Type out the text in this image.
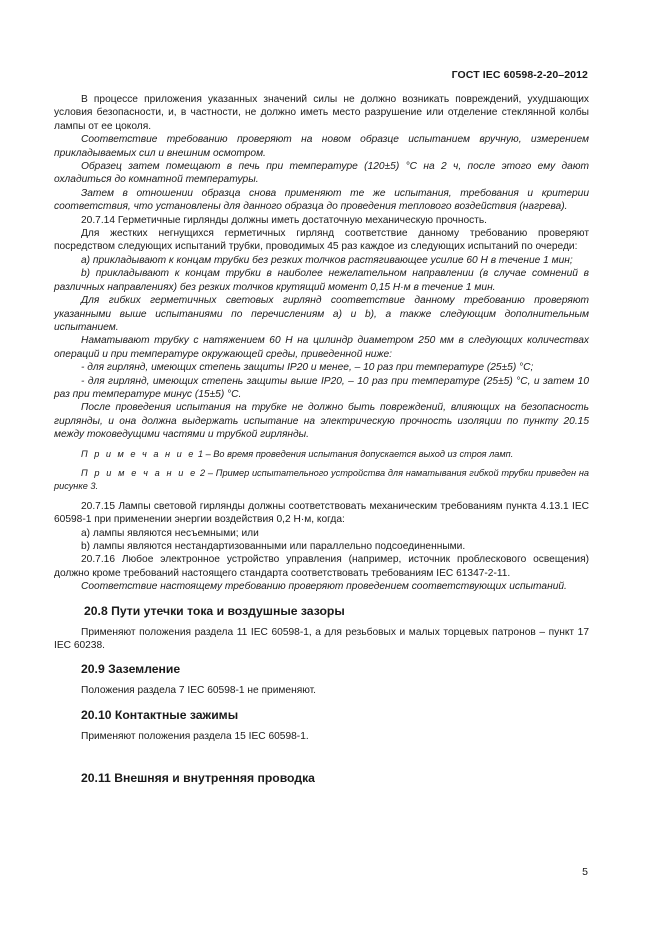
ГОСТ IEC 60598-2-20–2012

В процессе приложения указанных значений силы не должно возникать повреждений, ухудшающих условия безопасности, и, в частности, не должно иметь место разрушение или отделение стеклянной колбы лампы от ее цоколя.

Соответствие требованию проверяют на новом образце испытанием вручную, измерением прикладываемых сил и внешним осмотром.

Образец затем помещают в печь при температуре (120±5) °С на 2 ч, после этого ему дают охладиться до комнатной температуры.

Затем в отношении образца снова применяют те же испытания, требования и критерии соответствия, что установлены для данного образца до проведения теплового воздействия (нагрева).

20.7.14 Герметичные гирлянды должны иметь достаточную механическую прочность.

Для жестких негнущихся герметичных гирлянд соответствие данному требованию проверяют посредством следующих испытаний трубки, проводимых 45 раз каждое из следующих испытаний по очереди:

а) прикладывают к концам трубки без резких толчков растягивающее усилие 60 Н в течение 1 мин;

b) прикладывают к концам трубки в наиболее нежелательном направлении (в случае сомнений в различных направлениях) без резких толчков крутящий момент 0,15 Н·м в течение 1 мин.

Для гибких герметичных световых гирлянд соответствие данному требованию проверяют указанными выше испытаниями по перечислениям а) и b), а также следующим дополнительным испытанием.

Наматывают трубку с натяжением 60 Н на цилиндр диаметром 250 мм в следующих количествах операций и при температуре окружающей среды, приведенной ниже:

- для гирлянд, имеющих степень защиты IP20 и менее, – 10 раз при температуре (25±5) °С;

- для гирлянд, имеющих степень защиты выше IP20, – 10 раз при температуре (25±5) °С, и затем 10 раз при температуре минус (15±5) °С.

После проведения испытания на трубке не должно быть повреждений, влияющих на безопасность гирлянды, и она должна выдержать испытание на электрическую прочность изоляции по пункту 20.15 между токоведущими частями и трубкой гирлянды.

П р и м е ч а н и е 1 – Во время проведения испытания допускается выход из строя ламп.

П р и м е ч а н и е 2 – Пример испытательного устройства для наматывания гибкой трубки приведен на рисунке 3.

20.7.15 Лампы световой гирлянды должны соответствовать механическим требованиям пункта 4.13.1 IEC 60598-1 при применении энергии воздействия 0,2 Н·м, когда:

а) лампы являются несъемными; или

b) лампы являются нестандартизованными или параллельно подсоединенными.

20.7.16 Любое электронное устройство управления (например, источник проблескового освещения) должно кроме требований настоящего стандарта соответствовать требованиям IEC 61347-2-11.

Соответствие настоящему требованию проверяют проведением соответствующих испытаний.

20.8 Пути утечки тока и воздушные зазоры

Применяют положения раздела 11 IEC 60598-1, а для резьбовых и малых торцевых патронов – пункт 17 IEC 60238.

20.9 Заземление

Положения раздела 7 IEC 60598-1 не применяют.

20.10 Контактные зажимы

Применяют положения раздела 15 IEC 60598-1.

20.11 Внешняя и внутренняя проводка
5
